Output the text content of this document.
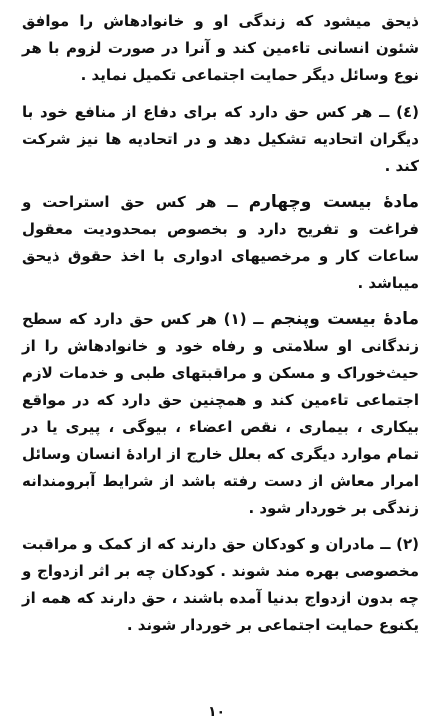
ذیحق میشود که زندگی او و خانوادهاش را موافق شئون انسانی تاءمین کند و آنرا در صورت لزوم با هر نوع وسائل دیگر حمایت اجتماعی تکمیل نماید .

(٤) ــ هر کس حق دارد که برای دفاع از منافع خود با دیگران اتحادیه تشکیل دهد و در اتحادیه ها نیز شرکت کند .

مادهٔ بیست وچهارم ــ هر کس حق استراحت و فراغت و تفریح دارد و بخصوص بمحدودیت معقول ساعات کار و مرخصیهای ادواری با اخذ حقوق ذیحق میباشد .

مادهٔ بیست وپنجم ــ (١) هر کس حق دارد که سطح زندگانی او سلامتی و رفاه خود و خانوادهاش را از حیث‌خوراک و مسکن و مراقبتهای طبی و خدمات لازم اجتماعی تاءمین کند و همچنین حق دارد که در مواقع بیکاری ، بیماری ، نقص اعضاء ، بیوگی ، پیری یا در تمام موارد دیگری که بعلل خارج از ارادهٔ انسان وسائل امرار معاش از دست رفته باشد از شرایط آبرومندانه زندگی بر خوردار شود .

(٢) ــ مادران و کودکان حق دارند که از کمک و مراقبت مخصوصی بهره مند شوند . کودکان چه بر اثر ازدواج و چه بدون ازدواج بدنیا آمده باشند ، حق دارند که همه از یکنوع حمایت اجتماعی بر خوردار شوند .

۱۰
